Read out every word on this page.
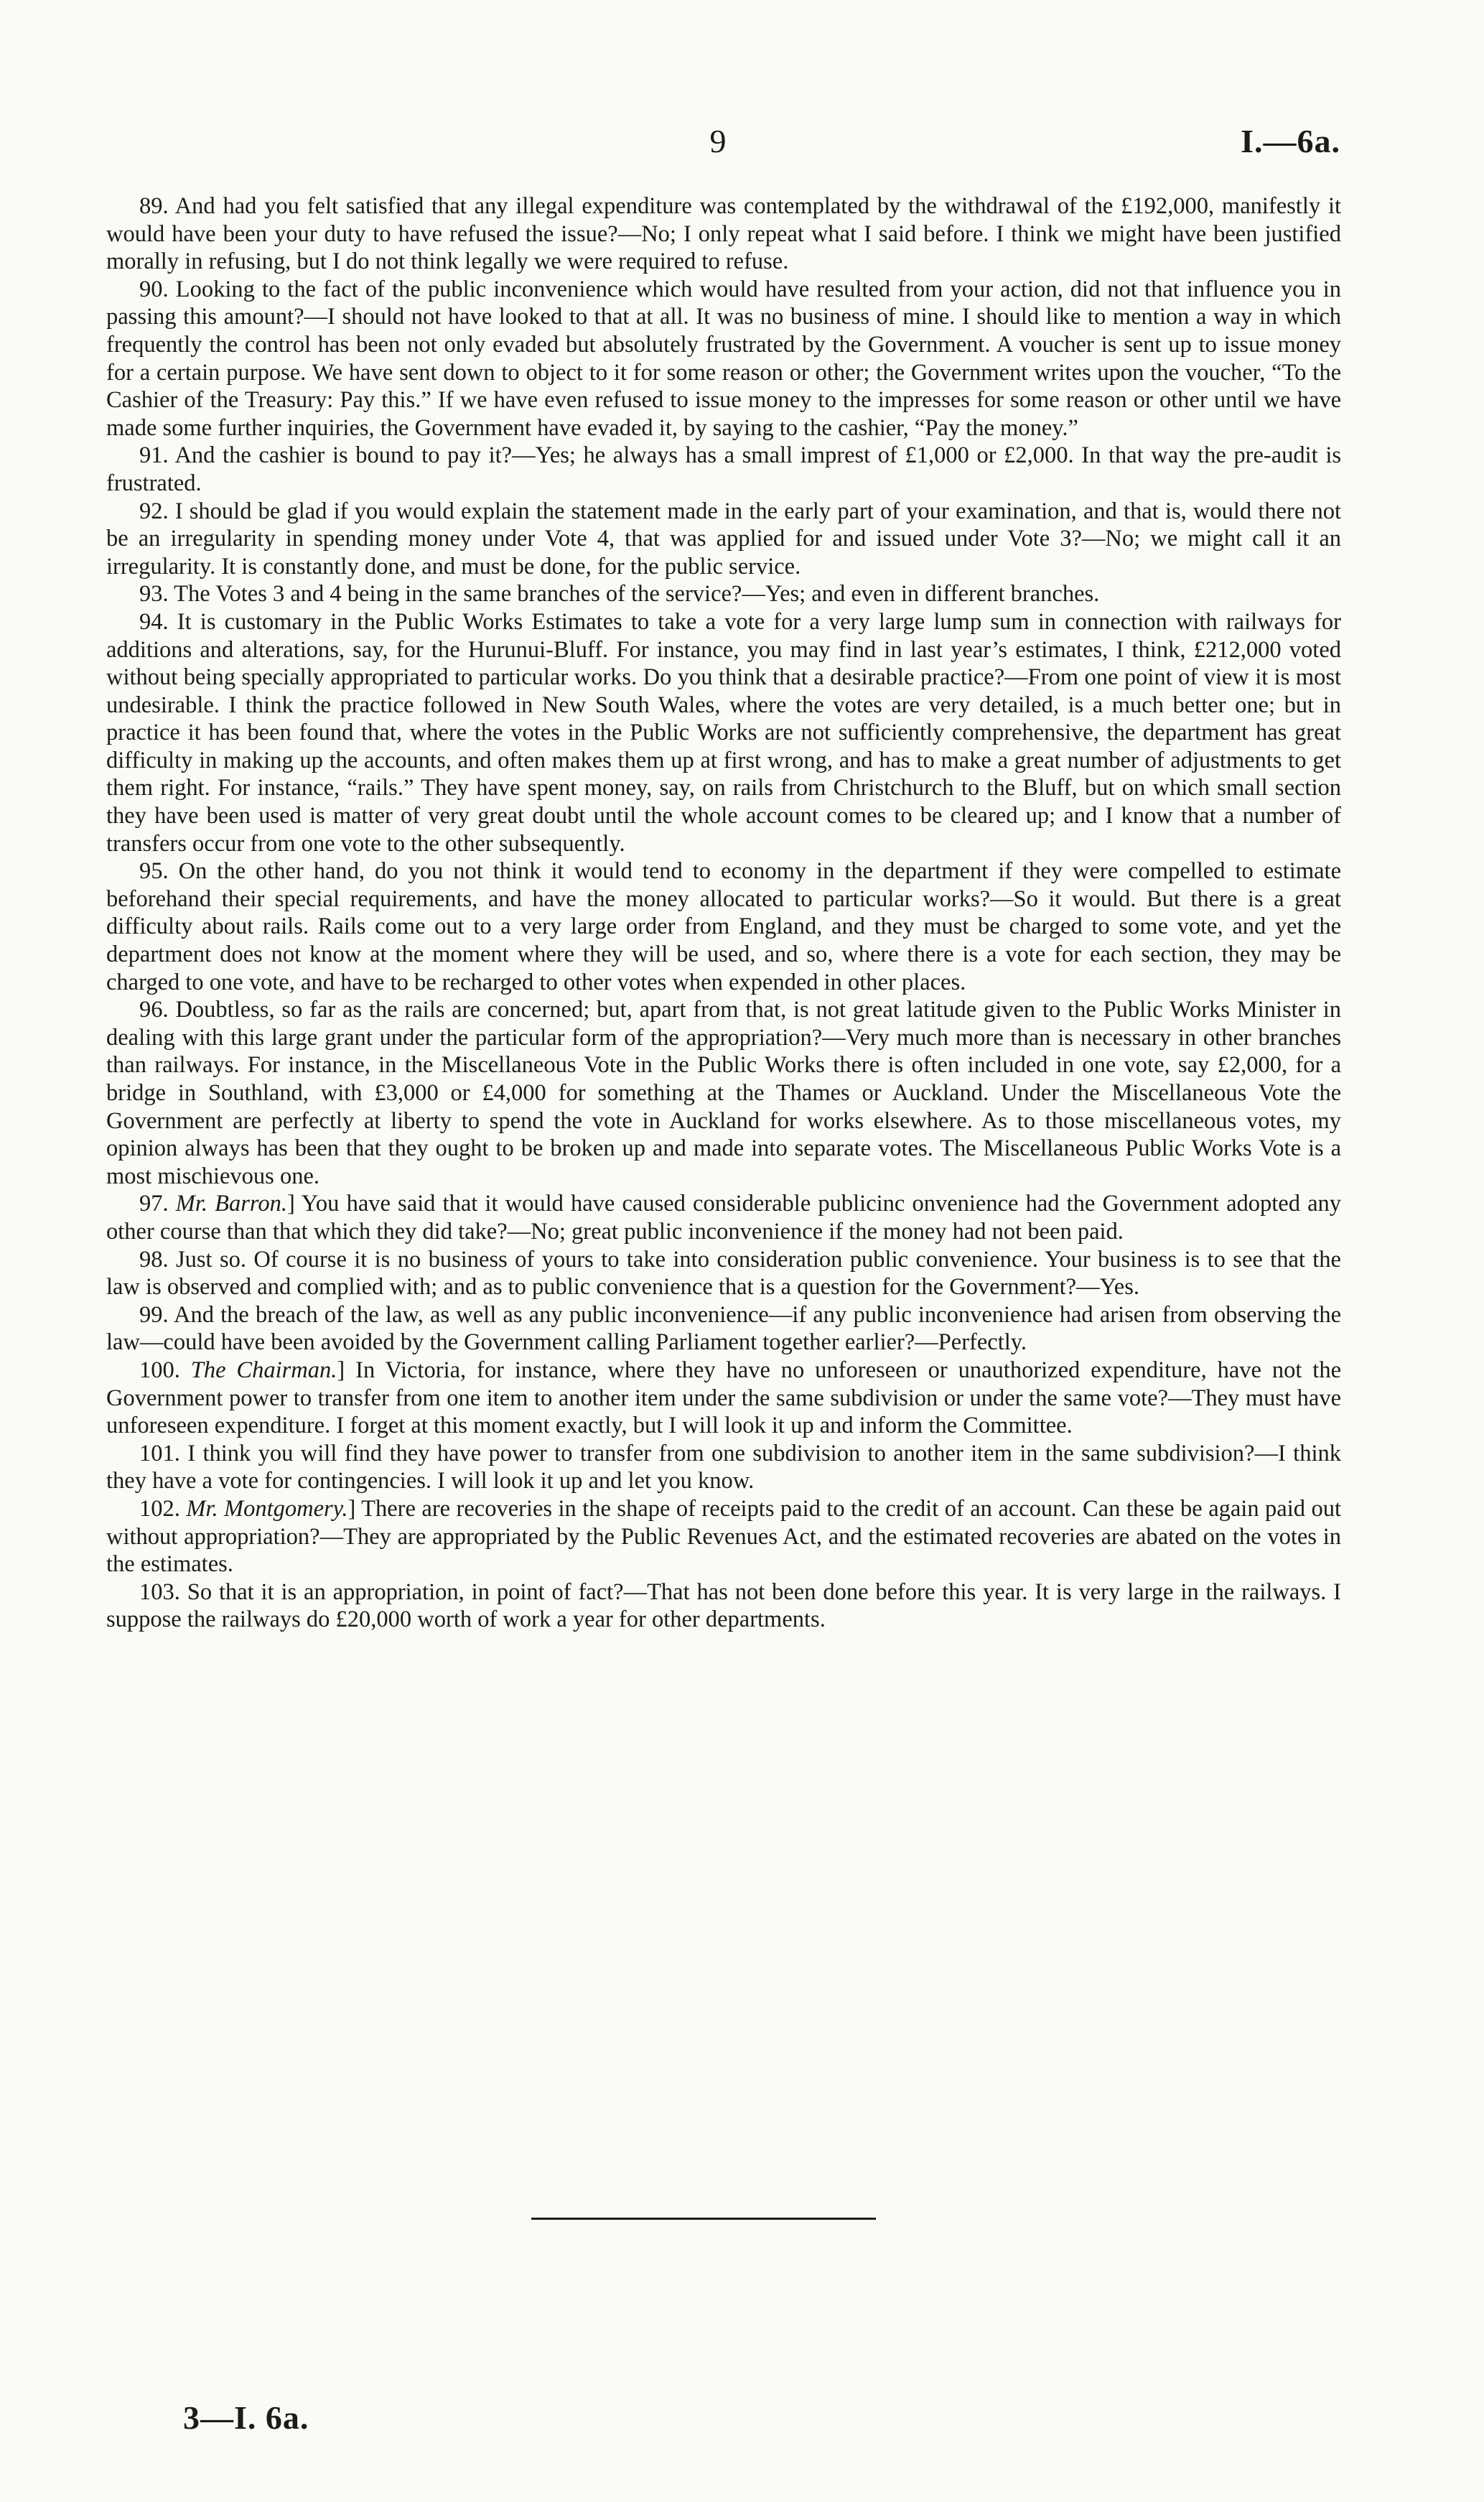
9	I.—6a.

89. And had you felt satisfied that any illegal expenditure was contemplated by the withdrawal of the £192,000, manifestly it would have been your duty to have refused the issue?—No; I only repeat what I said before. I think we might have been justified morally in refusing, but I do not think legally we were required to refuse.

90. Looking to the fact of the public inconvenience which would have resulted from your action, did not that influence you in passing this amount?—I should not have looked to that at all. It was no business of mine. I should like to mention a way in which frequently the control has been not only evaded but absolutely frustrated by the Government. A voucher is sent up to issue money for a certain purpose. We have sent down to object to it for some reason or other; the Government writes upon the voucher, “To the Cashier of the Treasury: Pay this.” If we have even refused to issue money to the impresses for some reason or other until we have made some further inquiries, the Government have evaded it, by saying to the cashier, “Pay the money.”

91. And the cashier is bound to pay it?—Yes; he always has a small imprest of £1,000 or £2,000. In that way the pre-audit is frustrated.

92. I should be glad if you would explain the statement made in the early part of your examination, and that is, would there not be an irregularity in spending money under Vote 4, that was applied for and issued under Vote 3?—No; we might call it an irregularity. It is constantly done, and must be done, for the public service.

93. The Votes 3 and 4 being in the same branches of the service?—Yes; and even in different branches.

94. It is customary in the Public Works Estimates to take a vote for a very large lump sum in connection with railways for additions and alterations, say, for the Hurunui-Bluff. For instance, you may find in last year’s estimates, I think, £212,000 voted without being specially appropriated to particular works. Do you think that a desirable practice?—From one point of view it is most undesirable. I think the practice followed in New South Wales, where the votes are very detailed, is a much better one; but in practice it has been found that, where the votes in the Public Works are not sufficiently comprehensive, the department has great difficulty in making up the accounts, and often makes them up at first wrong, and has to make a great number of adjustments to get them right. For instance, “rails.” They have spent money, say, on rails from Christchurch to the Bluff, but on which small section they have been used is matter of very great doubt until the whole account comes to be cleared up; and I know that a number of transfers occur from one vote to the other subsequently.

95. On the other hand, do you not think it would tend to economy in the department if they were compelled to estimate beforehand their special requirements, and have the money allocated to particular works?—So it would. But there is a great difficulty about rails. Rails come out to a very large order from England, and they must be charged to some vote, and yet the department does not know at the moment where they will be used, and so, where there is a vote for each section, they may be charged to one vote, and have to be recharged to other votes when expended in other places.

96. Doubtless, so far as the rails are concerned; but, apart from that, is not great latitude given to the Public Works Minister in dealing with this large grant under the particular form of the appropriation?—Very much more than is necessary in other branches than railways. For instance, in the Miscellaneous Vote in the Public Works there is often included in one vote, say £2,000, for a bridge in Southland, with £3,000 or £4,000 for something at the Thames or Auckland. Under the Miscellaneous Vote the Government are perfectly at liberty to spend the vote in Auckland for works elsewhere. As to those miscellaneous votes, my opinion always has been that they ought to be broken up and made into separate votes. The Miscellaneous Public Works Vote is a most mischievous one.

97. Mr. Barron.] You have said that it would have caused considerable publicinc onvenience had the Government adopted any other course than that which they did take?—No; great public inconvenience if the money had not been paid.

98. Just so. Of course it is no business of yours to take into consideration public convenience. Your business is to see that the law is observed and complied with; and as to public convenience that is a question for the Government?—Yes.

99. And the breach of the law, as well as any public inconvenience—if any public inconvenience had arisen from observing the law—could have been avoided by the Government calling Parliament together earlier?—Perfectly.

100. The Chairman.] In Victoria, for instance, where they have no unforeseen or unauthorized expenditure, have not the Government power to transfer from one item to another item under the same subdivision or under the same vote?—They must have unforeseen expenditure. I forget at this moment exactly, but I will look it up and inform the Committee.

101. I think you will find they have power to transfer from one subdivision to another item in the same subdivision?—I think they have a vote for contingencies. I will look it up and let you know.

102. Mr. Montgomery.] There are recoveries in the shape of receipts paid to the credit of an account. Can these be again paid out without appropriation?—They are appropriated by the Public Revenues Act, and the estimated recoveries are abated on the votes in the estimates.

103. So that it is an appropriation, in point of fact?—That has not been done before this year. It is very large in the railways. I suppose the railways do £20,000 worth of work a year for other departments.

3—I. 6a.
